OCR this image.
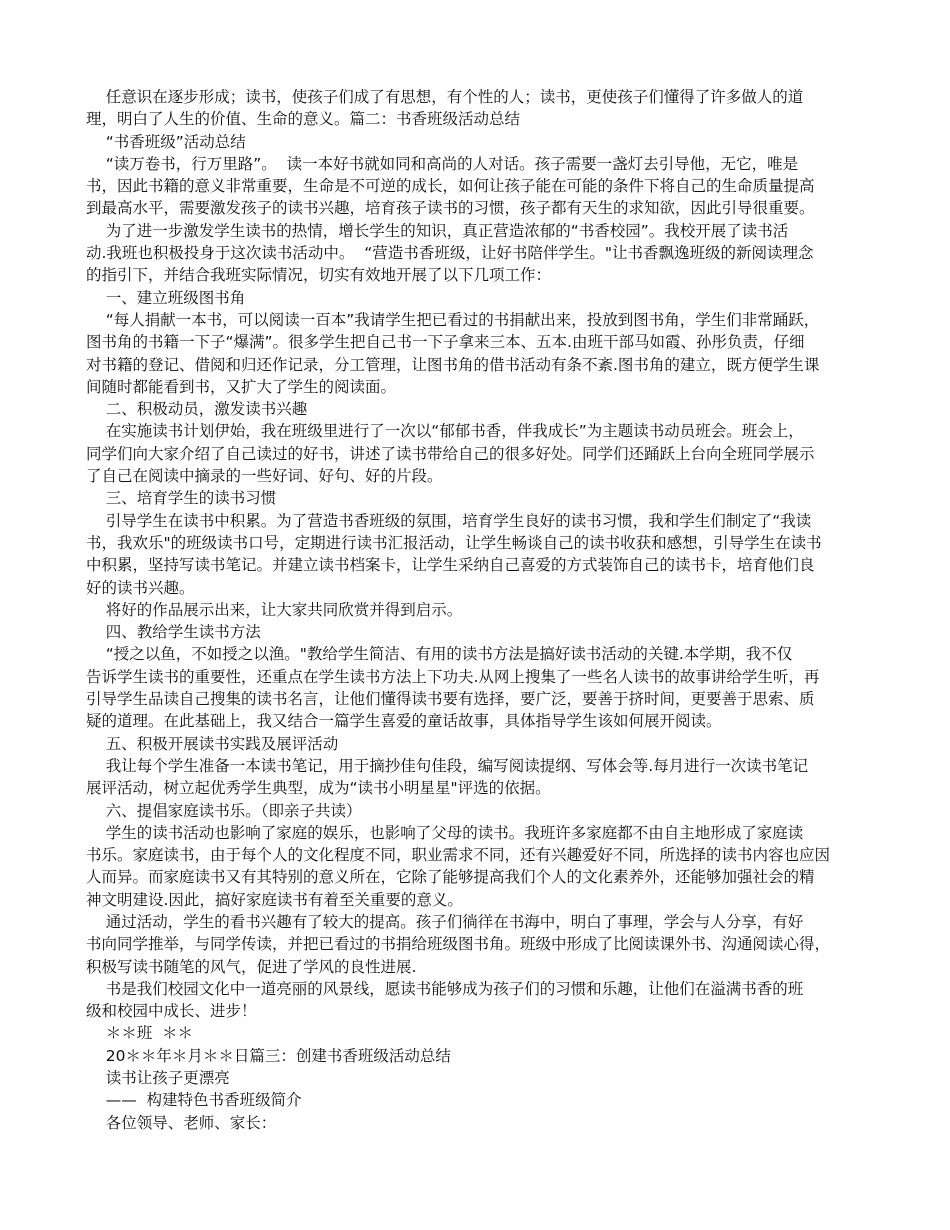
任意识在逐步形成；读书，使孩子们成了有思想，有个性的人；读书，更使孩子们懂得了许多做人的道
理，明白了人生的价值、生命的意义。篇二：书香班级活动总结
“书香班级”活动总结
“读万卷书，行万里路”。  读一本好书就如同和高尚的人对话。孩子需要一盏灯去引导他，无它，唯是
书，因此书籍的意义非常重要，生命是不可逆的成长，如何让孩子能在可能的条件下将自己的生命质量提高
到最高水平，需要激发孩子的读书兴趣，培育孩子读书的习惯，孩子都有天生的求知欲，因此引导很重要。
为了进一步激发学生读书的热情，增长学生的知识，真正营造浓郁的“书香校园”。我校开展了读书活
动.我班也积极投身于这次读书活动中。  “营造书香班级，让好书陪伴学生。"让书香飘逸班级的新阅读理念
的指引下，并结合我班实际情况，切实有效地开展了以下几项工作：
一、建立班级图书角
“每人捐献一本书，可以阅读一百本”我请学生把已看过的书捐献出来，投放到图书角，学生们非常踊跃，
图书角的书籍一下子“爆满”。很多学生把自己书一下子拿来三本、五本.由班干部马如霞、孙彤负责，仔细
对书籍的登记、借阅和归还作记录，分工管理，让图书角的借书活动有条不紊.图书角的建立，既方便学生课
间随时都能看到书，又扩大了学生的阅读面。
二、积极动员，激发读书兴趣
在实施读书计划伊始，我在班级里进行了一次以“郁郁书香，伴我成长”为主题读书动员班会。班会上，
同学们向大家介绍了自己读过的好书，讲述了读书带给自己的很多好处。同学们还踊跃上台向全班同学展示
了自己在阅读中摘录的一些好词、好句、好的片段。
三、培育学生的读书习惯
引导学生在读书中积累。为了营造书香班级的氛围，培育学生良好的读书习惯，我和学生们制定了“我读
书，我欢乐"的班级读书口号，定期进行读书汇报活动，让学生畅谈自己的读书收获和感想，引导学生在读书
中积累，坚持写读书笔记。并建立读书档案卡，让学生采纳自己喜爱的方式装饰自己的读书卡，培育他们良
好的读书兴趣。
将好的作品展示出来，让大家共同欣赏并得到启示。
四、教给学生读书方法
“授之以鱼，不如授之以渔。"教给学生简洁、有用的读书方法是搞好读书活动的关键.本学期，我不仅
告诉学生读书的重要性，还重点在学生读书方法上下功夫.从网上搜集了一些名人读书的故事讲给学生听，再
引导学生品读自己搜集的读书名言，让他们懂得读书要有选择，要广泛，要善于挤时间，更要善于思索、质
疑的道理。在此基础上，我又结合一篇学生喜爱的童话故事，具体指导学生该如何展开阅读。
五、积极开展读书实践及展评活动
我让每个学生准备一本读书笔记，用于摘抄佳句佳段，编写阅读提纲、写体会等.每月进行一次读书笔记
展评活动，树立起优秀学生典型，成为“读书小明星星"评选的依据。
六、提倡家庭读书乐。（即亲子共读）
学生的读书活动也影响了家庭的娱乐，也影响了父母的读书。我班许多家庭都不由自主地形成了家庭读
书乐。家庭读书，由于每个人的文化程度不同，职业需求不同，还有兴趣爱好不同，所选择的读书内容也应因
人而异。而家庭读书又有其特别的意义所在，它除了能够提高我们个人的文化素养外，还能够加强社会的精
神文明建设.因此，搞好家庭读书有着至关重要的意义。
通过活动，学生的看书兴趣有了较大的提高。孩子们徜徉在书海中，明白了事理，学会与人分享，有好
书向同学推举，与同学传读，并把已看过的书捐给班级图书角。班级中形成了比阅读课外书、沟通阅读心得，
积极写读书随笔的风气，促进了学风的良性进展.
书是我们校园文化中一道亮丽的风景线，愿读书能够成为孩子们的习惯和乐趣，让他们在溢满书香的班
级和校园中成长、进步！
＊＊班  ＊＊
20＊＊年＊月＊＊日篇三：创建书香班级活动总结
读书让孩子更漂亮
——  构建特色书香班级简介
各位领导、老师、家长：
